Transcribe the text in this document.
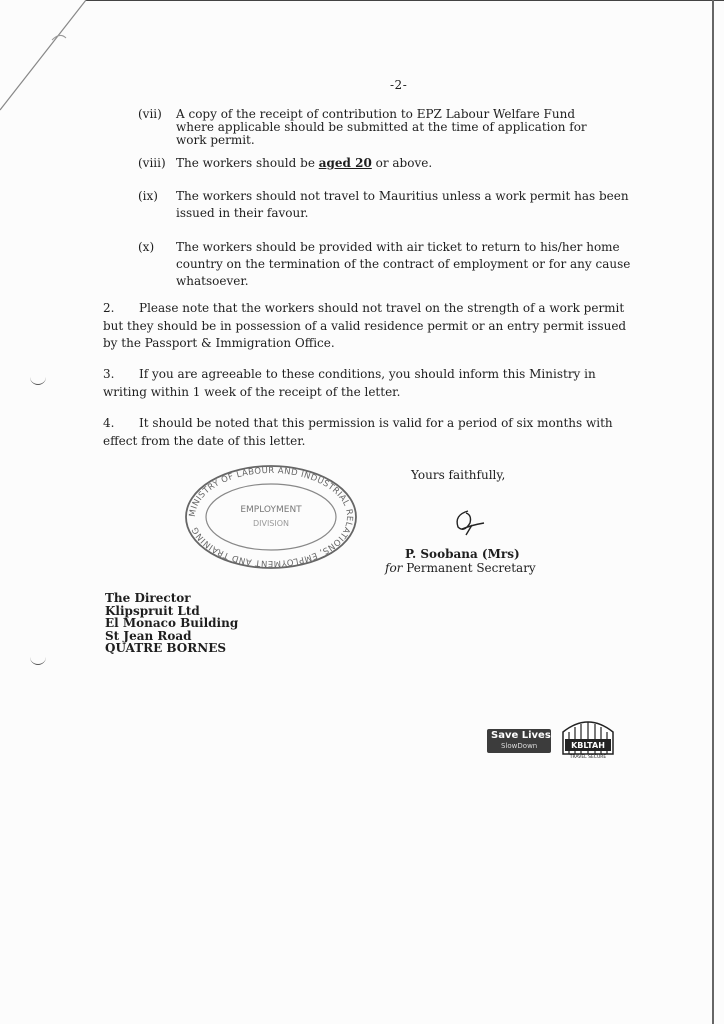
-2-
(vii) A copy of the receipt of contribution to EPZ Labour Welfare Fund
where applicable should be submitted at the time of application for
work permit.
(viii) The workers should be aged 20 or above.
(ix) The workers should not travel to Mauritius unless a work permit has been issued in their favour.
(x) The workers should be provided with air ticket to return to his/her home country on the termination of the contract of employment or for any cause whatsoever.
2. Please note that the workers should not travel on the strength of a work permit but they should be in possession of a valid residence permit or an entry permit issued by the Passport & Immigration Office.
3. If you are agreeable to these conditions, you should inform this Ministry in writing within 1 week of the receipt of the letter.
4. It should be noted that this permission is valid for a period of six months with effect from the date of this letter.
Yours faithfully,
P. Soobana (Mrs)
for Permanent Secretary
MINISTRY OF LABOUR AND INDUSTRIAL RELATIONS, EMPLOYMENT AND TRAINING
EMPLOYMENT
DIVISION
The Director
Klipspruit Ltd
El Monaco Building
St Jean Road
QUATRE BORNES
Save Lives
SlowDown	KBLTAH
TRAVEL SECURE
